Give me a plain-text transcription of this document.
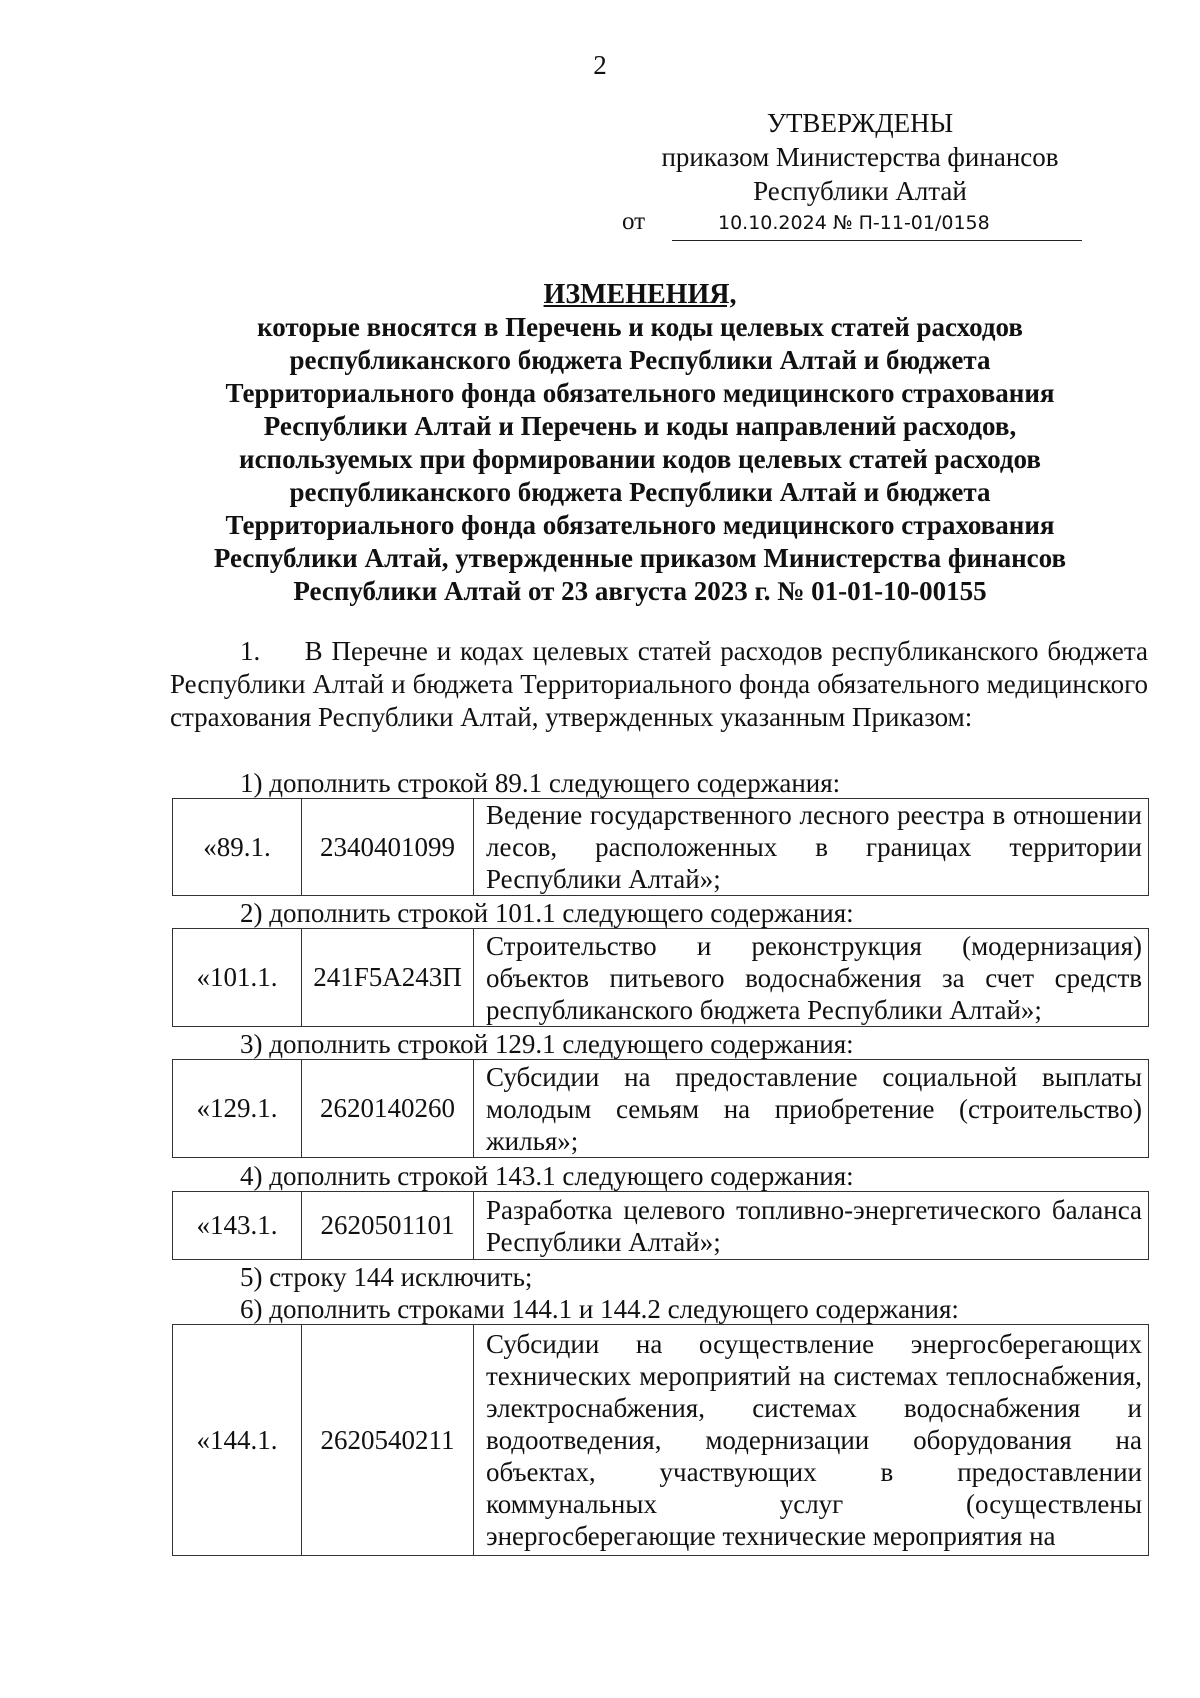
2
УТВЕРЖДЕНЫ
приказом Министерства финансов
Республики Алтай
от	10.10.2024 № П-11-01/0158
ИЗМЕНЕНИЯ,
которые вносятся в Перечень и коды целевых статей расходов
республиканского бюджета Республики Алтай и бюджета
Территориального фонда обязательного медицинского страхования
Республики Алтай и Перечень и коды направлений расходов,
используемых при формировании кодов целевых статей расходов
республиканского бюджета Республики Алтай и бюджета
Территориального фонда обязательного медицинского страхования
Республики Алтай, утвержденные приказом Министерства финансов
Республики Алтай от 23 августа 2023 г. № 01-01-10-00155
1.     В Перечне и кодах целевых статей расходов республиканского бюджета Республики Алтай и бюджета Территориального фонда обязательного медицинского страхования Республики Алтай, утвержденных указанным Приказом:
1) дополнить строкой 89.1 следующего содержания:
«89.1.	2340401099	Ведение государственного лесного реестра в отношении лесов, расположенных в границах территории Республики Алтай»;
2) дополнить строкой 101.1 следующего содержания:
«101.1.	241F5A243П	Строительство и реконструкция (модернизация) объектов питьевого водоснабжения за счет средств республиканского бюджета Республики Алтай»;
3) дополнить строкой 129.1 следующего содержания:
«129.1.	2620140260	Субсидии на предоставление социальной выплаты молодым семьям на приобретение (строительство) жилья»;
4) дополнить строкой 143.1 следующего содержания:
«143.1.	2620501101	Разработка целевого топливно-энергетического баланса Республики Алтай»;
5) строку 144 исключить;
6) дополнить строками 144.1 и 144.2 следующего содержания:
«144.1.	2620540211	Субсидии на осуществление энергосберегающих технических мероприятий на системах теплоснабжения, электроснабжения, системах водоснабжения и водоотведения, модернизации оборудования на объектах, участвующих в предоставлении коммунальных услуг (осуществлены энергосберегающие технические мероприятия на
